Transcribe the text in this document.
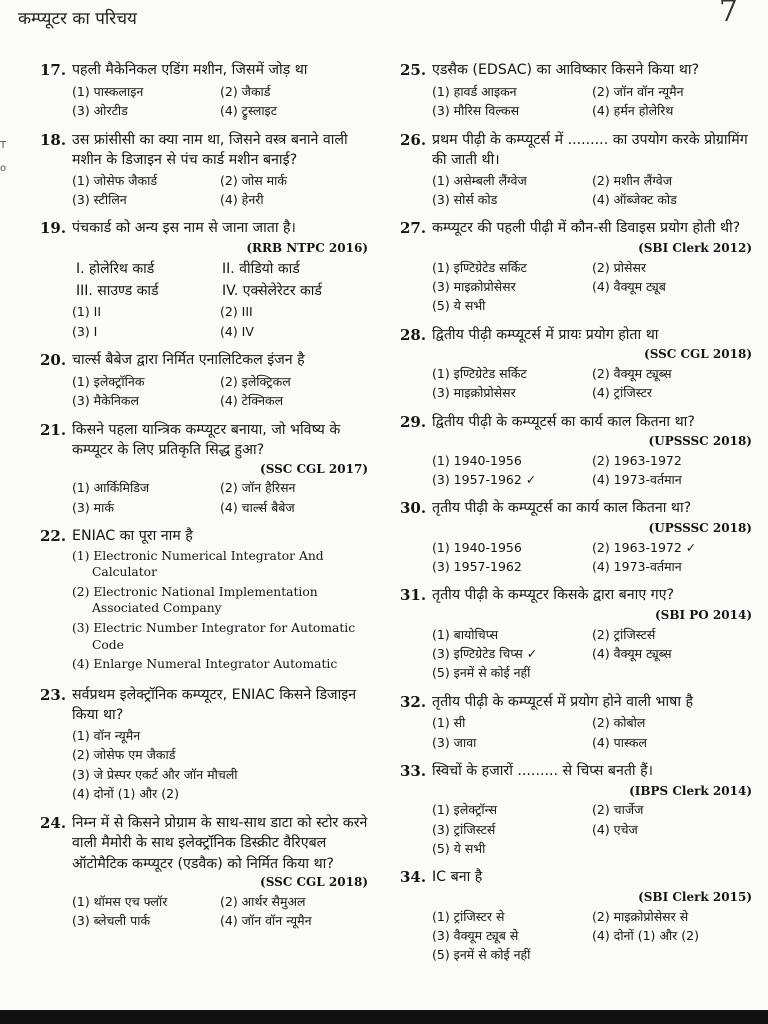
कम्प्यूटर का परिचय	7
T
o
17. पहली मैकेनिकल एडिंग मशीन, जिसमें जोड़ था
(1) पास्कलाइन	(2) जैकार्ड
(3) ओरटीड	(4) ट्रुस्लाइट
18. उस फ्रांसीसी का क्या नाम था, जिसने वस्त्र बनाने वाली मशीन के डिजाइन से पंच कार्ड मशीन बनाई?
(1) जोसेफ जैकार्ड	(2) जोस मार्क
(3) स्टीलिन	(4) हेनरी
19. पंचकार्ड को अन्य इस नाम से जाना जाता है।
(RRB NTPC 2016)
I. होलेरिथ कार्ड	II. वीडियो कार्ड
III. साउण्ड कार्ड	IV. एक्सेलेरेटर कार्ड
(1) II	(2) III
(3) I	(4) IV
20. चार्ल्स बैबेज द्वारा निर्मित एनालिटिकल इंजन है
(1) इलेक्ट्रॉनिक	(2) इलेक्ट्रिकल
(3) मैकेनिकल	(4) टेक्निकल
21. किसने पहला यान्त्रिक कम्प्यूटर बनाया, जो भविष्य के कम्प्यूटर के लिए प्रतिकृति सिद्ध हुआ?
(SSC CGL 2017)
(1) आर्किमिडिज	(2) जॉन हैरिसन
(3) मार्क	(4) चार्ल्स बैबेज
22. ENIAC का पूरा नाम है
(1) Electronic Numerical Integrator And Calculator
(2) Electronic National Implementation Associated Company
(3) Electric Number Integrator for Automatic Code
(4) Enlarge Numeral Integrator Automatic
23. सर्वप्रथम इलेक्ट्रॉनिक कम्प्यूटर, ENIAC किसने डिजाइन किया था?
(1) वॉन न्यूमैन
(2) जोसेफ एम जैकार्ड
(3) जे प्रेस्पर एकर्ट और जॉन मौचली
(4) दोनों (1) और (2)
24. निम्न में से किसने प्रोग्राम के साथ-साथ डाटा को स्टोर करने वाली मैमोरी के साथ इलेक्ट्रॉनिक डिस्क्रीट वैरिएबल ऑटोमैटिक कम्प्यूटर (एडवैक) को निर्मित किया था?
(SSC CGL 2018)
(1) थॉमस एच फ्लॉर	(2) आर्थर सैमुअल
(3) ब्लेचली पार्क	(4) जॉन वॉन न्यूमैन
25. एडसैक (EDSAC) का आविष्कार किसने किया था?
(1) हावर्ड आइकन	(2) जॉन वॉन न्यूमैन
(3) मौरिस विल्कस	(4) हर्मन होलेरिथ
26. प्रथम पीढ़ी के कम्प्यूटर्स में ......... का उपयोग करके प्रोग्रामिंग की जाती थी।
(1) असेम्बली लैंग्वेज	(2) मशीन लैंग्वेज
(3) सोर्स कोड	(4) ऑब्जेक्ट कोड
27. कम्प्यूटर की पहली पीढ़ी में कौन-सी डिवाइस प्रयोग होती थी?
(SBI Clerk 2012)
(1) इण्टिग्रेटेड सर्किट	(2) प्रोसेसर
(3) माइक्रोप्रोसेसर	(4) वैक्यूम ट्यूब
(5) ये सभी
28. द्वितीय पीढ़ी कम्प्यूटर्स में प्रायः प्रयोग होता था
(SSC CGL 2018)
(1) इण्टिग्रेटेड सर्किट	(2) वैक्यूम ट्यूब्स
(3) माइक्रोप्रोसेसर	(4) ट्रांजिस्टर
29. द्वितीय पीढ़ी के कम्प्यूटर्स का कार्य काल कितना था?
(UPSSSC 2018)
(1) 1940-1956	(2) 1963-1972
(3) 1957-1962 ✓	(4) 1973-वर्तमान
30. तृतीय पीढ़ी के कम्प्यूटर्स का कार्य काल कितना था?
(UPSSSC 2018)
(1) 1940-1956	(2) 1963-1972 ✓
(3) 1957-1962	(4) 1973-वर्तमान
31. तृतीय पीढ़ी के कम्प्यूटर किसके द्वारा बनाए गए?
(SBI PO 2014)
(1) बायोचिप्स	(2) ट्रांजिस्टर्स
(3) इण्टिग्रेटेड चिप्स ✓	(4) वैक्यूम ट्यूब्स
(5) इनमें से कोई नहीं
32. तृतीय पीढ़ी के कम्प्यूटर्स में प्रयोग होने वाली भाषा है
(1) सी	(2) कोबोल
(3) जावा	(4) पास्कल
33. स्विचों के हजारों ......... से चिप्स बनती हैं।
(IBPS Clerk 2014)
(1) इलेक्ट्रॉन्स	(2) चार्जेज
(3) ट्रांजिस्टर्स	(4) एचेज
(5) ये सभी
34. IC बना है
(SBI Clerk 2015)
(1) ट्रांजिस्टर से	(2) माइक्रोप्रोसेसर से
(3) वैक्यूम ट्यूब से	(4) दोनों (1) और (2)
(5) इनमें से कोई नहीं
